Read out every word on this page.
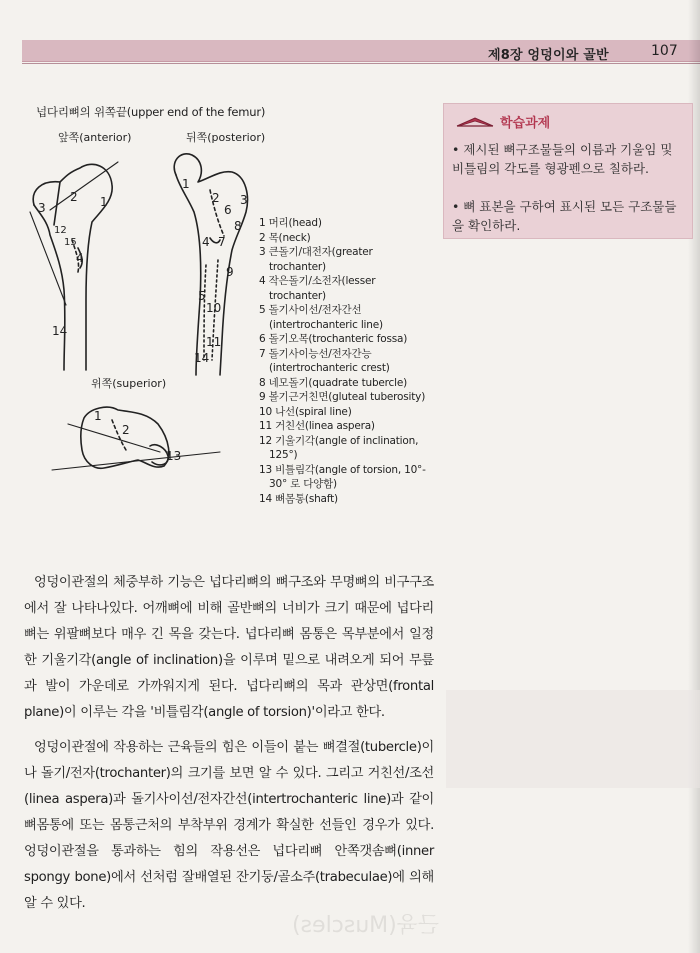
제8장 엉덩이와 골반	107
근육(Muscles)
넙다리뼈의 위쪽끝(upper end of the femur)
앞쪽(anterior)	뒤쪽(posterior)
위쪽(superior)
1
2
3
12
15
4
14
1
2 3
6
8
7
4
9
10
5
11
14
1
2
13
1 머리(head)
2 목(neck)
3 큰돌기/대전자(greater
trochanter)
4 작은돌기/소전자(lesser
trochanter)
5 돌기사이선/전자간선
(intertrochanteric line)
6 돌기오목(trochanteric fossa)
7 돌기사이능선/전자간능
(intertrochanteric crest)
8 네모돌기(quadrate tubercle)
9 볼기근거친면(gluteal tuberosity)
10 나선(spiral line)
11 거친선(linea aspera)
12 기울기각(angle of inclination,
125°)
13 비틀림각(angle of torsion, 10°-
30° 로 다양함)
14 뼈몸통(shaft)
학습과제
• 제시된 뼈구조물들의 이름과 기울임 및 비틀림의 각도를 형광펜으로 칠하라.
• 뼈 표본을 구하여 표시된 모든 구조물들을 확인하라.
엉덩이관절의 체중부하 기능은 넙다리뼈의 뼈구조와 무명뼈의 비구구조에서 잘 나타나있다. 어깨뼈에 비해 골반뼈의 너비가 크기 때문에 넙다리뼈는 위팔뼈보다 매우 긴 목을 갖는다. 넙다리뼈 몸통은 목부분에서 일정한 기울기각(angle of inclination)을 이루며 밑으로 내려오게 되어 무릎과 발이 가운데로 가까워지게 된다. 넙다리뼈의 목과 관상면(frontal plane)이 이루는 각을 '비틀림각(angle of torsion)'이라고 한다.
엉덩이관절에 작용하는 근육들의 힘은 이들이 붙는 뼈결절(tubercle)이나 돌기/전자(trochanter)의 크기를 보면 알 수 있다. 그리고 거친선/조선(linea aspera)과 돌기사이선/전자간선(intertrochanteric line)과 같이 뼈몸통에 또는 몸통근처의 부착부위 경계가 확실한 선들인 경우가 있다. 엉덩이관절을 통과하는 힘의 작용선은 넙다리뼈 안쪽갯솜뼈(inner spongy bone)에서 선처럼 잘배열된 잔기둥/골소주(trabeculae)에 의해 알 수 있다.
